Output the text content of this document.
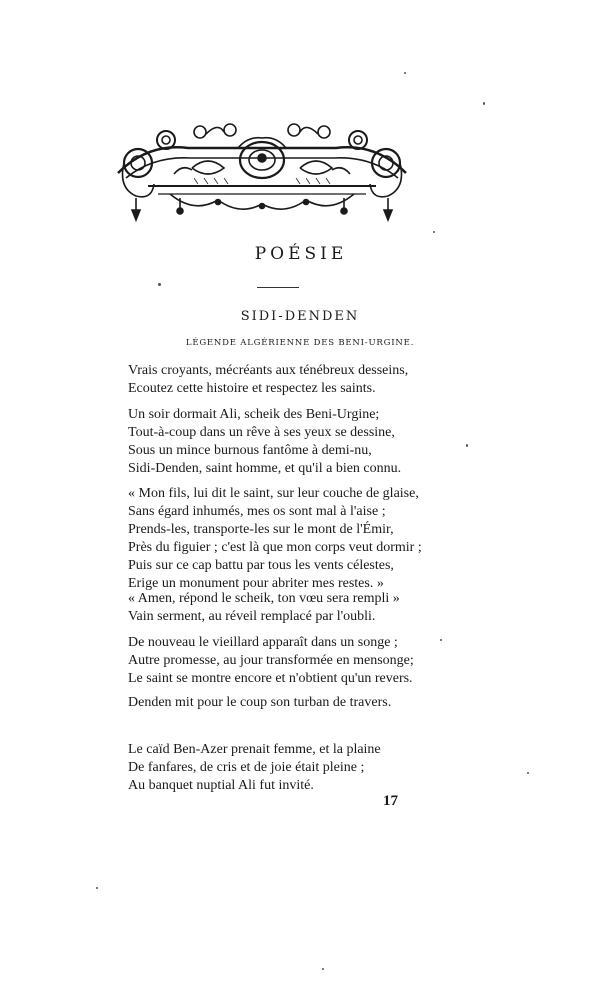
POÉSIE
SIDI-DENDEN
LÉGENDE ALGÉRIENNE DES BENI-URGINE.
Vrais croyants, mécréants aux ténébreux desseins,
Ecoutez cette histoire et respectez les saints.
Un soir dormait Ali, scheik des Beni-Urgine;
Tout-à-coup dans un rêve à ses yeux se dessine,
Sous un mince burnous fantôme à demi-nu,
Sidi-Denden, saint homme, et qu'il a bien connu.
« Mon fils, lui dit le saint, sur leur couche de glaise,
Sans égard inhumés, mes os sont mal à l'aise ;
Prends-les, transporte-les sur le mont de l'Émir,
Près du figuier ; c'est là que mon corps veut dormir ;
Puis sur ce cap battu par tous les vents célestes,
Erige un monument pour abriter mes restes. »
« Amen, répond le scheik, ton vœu sera rempli »
Vain serment, au réveil remplacé par l'oubli.
De nouveau le vieillard apparaît dans un songe ;
Autre promesse, au jour transformée en mensonge;
Le saint se montre encore et n'obtient qu'un revers.
Denden mit pour le coup son turban de travers.
Le caïd Ben-Azer prenait femme, et la plaine
De fanfares, de cris et de joie était pleine ;
Au banquet nuptial Ali fut invité.
17
